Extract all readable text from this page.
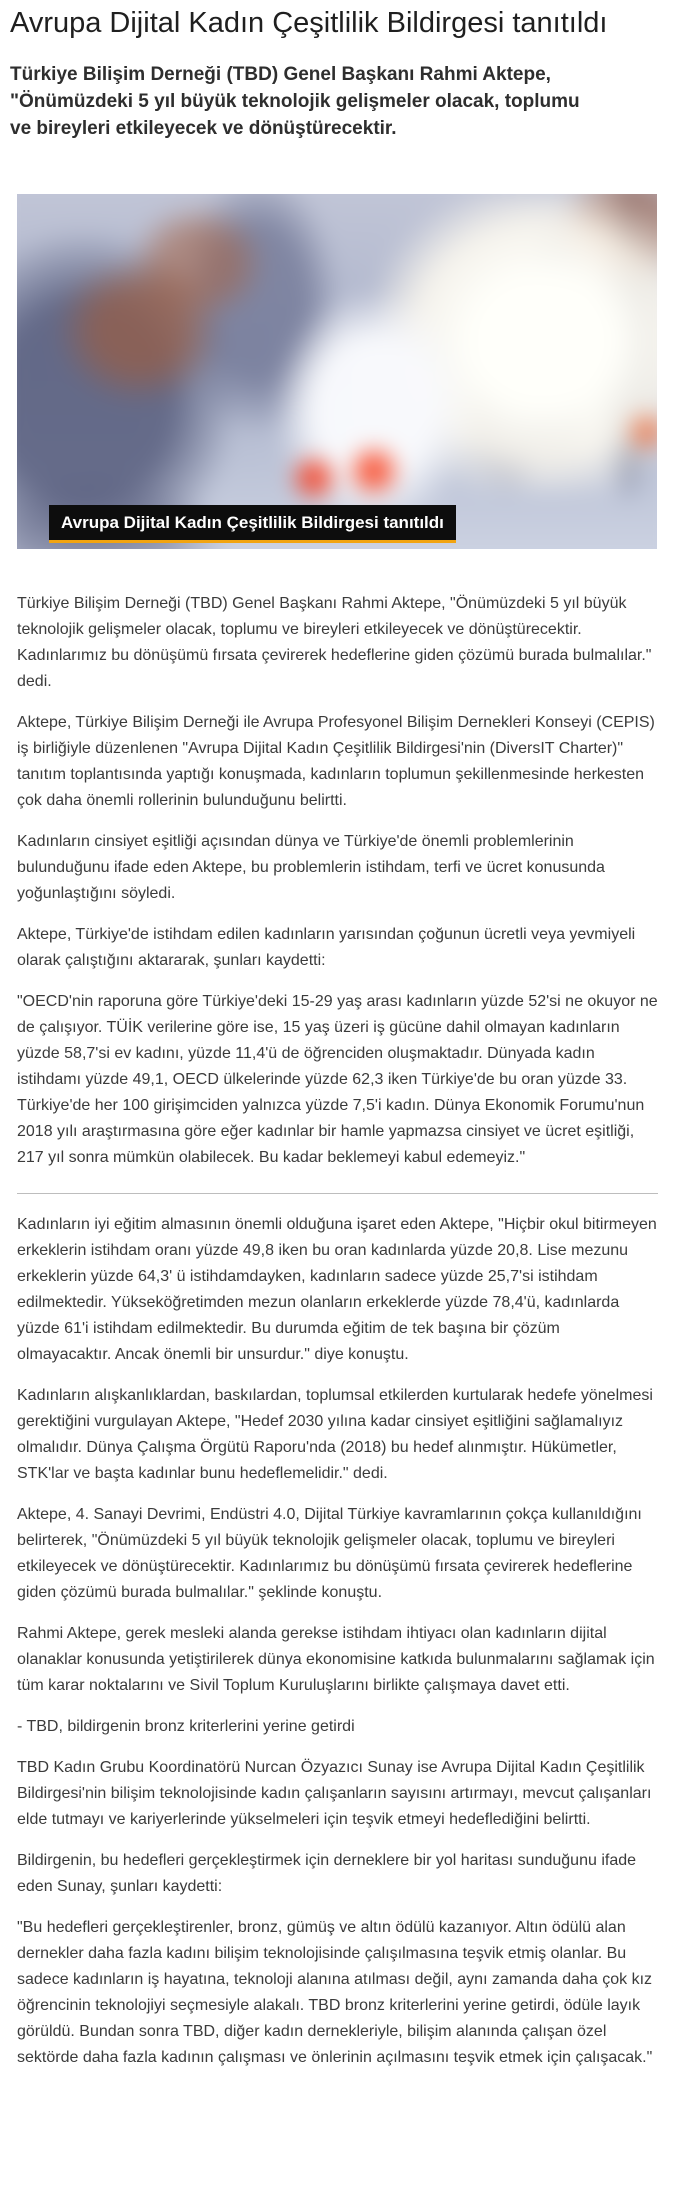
Avrupa Dijital Kadın Çeşitlilik Bildirgesi tanıtıldı

Türkiye Bilişim Derneği (TBD) Genel Başkanı Rahmi Aktepe, "Önümüzdeki 5 yıl büyük teknolojik gelişmeler olacak, toplumu ve bireyleri etkileyecek ve dönüştürecektir.

Avrupa Dijital Kadın Çeşitlilik Bildirgesi tanıtıldı

Türkiye Bilişim Derneği (TBD) Genel Başkanı Rahmi Aktepe, "Önümüzdeki 5 yıl büyük teknolojik gelişmeler olacak, toplumu ve bireyleri etkileyecek ve dönüştürecektir. Kadınlarımız bu dönüşümü fırsata çevirerek hedeflerine giden çözümü burada bulmalılar." dedi.

Aktepe, Türkiye Bilişim Derneği ile Avrupa Profesyonel Bilişim Dernekleri Konseyi (CEPIS) iş birliğiyle düzenlenen "Avrupa Dijital Kadın Çeşitlilik Bildirgesi'nin (DiversIT Charter)" tanıtım toplantısında yaptığı konuşmada, kadınların toplumun şekillenmesinde herkesten çok daha önemli rollerinin bulunduğunu belirtti.

Kadınların cinsiyet eşitliği açısından dünya ve Türkiye'de önemli problemlerinin bulunduğunu ifade eden Aktepe, bu problemlerin istihdam, terfi ve ücret konusunda yoğunlaştığını söyledi.

Aktepe, Türkiye'de istihdam edilen kadınların yarısından çoğunun ücretli veya yevmiyeli olarak çalıştığını aktararak, şunları kaydetti:

"OECD'nin raporuna göre Türkiye'deki 15-29 yaş arası kadınların yüzde 52'si ne okuyor ne de çalışıyor. TÜİK verilerine göre ise, 15 yaş üzeri iş gücüne dahil olmayan kadınların yüzde 58,7'si ev kadını, yüzde 11,4'ü de öğrenciden oluşmaktadır. Dünyada kadın istihdamı yüzde 49,1, OECD ülkelerinde yüzde 62,3 iken Türkiye'de bu oran yüzde 33. Türkiye'de her 100 girişimciden yalnızca yüzde 7,5'i kadın. Dünya Ekonomik Forumu'nun 2018 yılı araştırmasına göre eğer kadınlar bir hamle yapmazsa cinsiyet ve ücret eşitliği, 217 yıl sonra mümkün olabilecek. Bu kadar beklemeyi kabul edemeyiz."

Kadınların iyi eğitim almasının önemli olduğuna işaret eden Aktepe, "Hiçbir okul bitirmeyen erkeklerin istihdam oranı yüzde 49,8 iken bu oran kadınlarda yüzde 20,8. Lise mezunu erkeklerin yüzde 64,3' ü istihdamdayken, kadınların sadece yüzde 25,7'si istihdam edilmektedir. Yükseköğretimden mezun olanların erkeklerde yüzde 78,4'ü, kadınlarda yüzde 61'i istihdam edilmektedir. Bu durumda eğitim de tek başına bir çözüm olmayacaktır. Ancak önemli bir unsurdur." diye konuştu.

Kadınların alışkanlıklardan, baskılardan, toplumsal etkilerden kurtularak hedefe yönelmesi gerektiğini vurgulayan Aktepe, "Hedef 2030 yılına kadar cinsiyet eşitliğini sağlamalıyız olmalıdır. Dünya Çalışma Örgütü Raporu'nda (2018) bu hedef alınmıştır. Hükümetler, STK'lar ve başta kadınlar bunu hedeflemelidir." dedi.

Aktepe, 4. Sanayi Devrimi, Endüstri 4.0, Dijital Türkiye kavramlarının çokça kullanıldığını belirterek, "Önümüzdeki 5 yıl büyük teknolojik gelişmeler olacak, toplumu ve bireyleri etkileyecek ve dönüştürecektir. Kadınlarımız bu dönüşümü fırsata çevirerek hedeflerine giden çözümü burada bulmalılar." şeklinde konuştu.

Rahmi Aktepe, gerek mesleki alanda gerekse istihdam ihtiyacı olan kadınların dijital olanaklar konusunda yetiştirilerek dünya ekonomisine katkıda bulunmalarını sağlamak için tüm karar noktalarını ve Sivil Toplum Kuruluşlarını birlikte çalışmaya davet etti.

- TBD, bildirgenin bronz kriterlerini yerine getirdi

TBD Kadın Grubu Koordinatörü Nurcan Özyazıcı Sunay ise Avrupa Dijital Kadın Çeşitlilik Bildirgesi'nin bilişim teknolojisinde kadın çalışanların sayısını artırmayı, mevcut çalışanları elde tutmayı ve kariyerlerinde yükselmeleri için teşvik etmeyi hedeflediğini belirtti.

Bildirgenin, bu hedefleri gerçekleştirmek için derneklere bir yol haritası sunduğunu ifade eden Sunay, şunları kaydetti:

"Bu hedefleri gerçekleştirenler, bronz, gümüş ve altın ödülü kazanıyor. Altın ödülü alan dernekler daha fazla kadını bilişim teknolojisinde çalışılmasına teşvik etmiş olanlar. Bu sadece kadınların iş hayatına, teknoloji alanına atılması değil, aynı zamanda daha çok kız öğrencinin teknolojiyi seçmesiyle alakalı. TBD bronz kriterlerini yerine getirdi, ödüle layık görüldü. Bundan sonra TBD, diğer kadın dernekleriyle, bilişim alanında çalışan özel sektörde daha fazla kadının çalışması ve önlerinin açılmasını teşvik etmek için çalışacak."
